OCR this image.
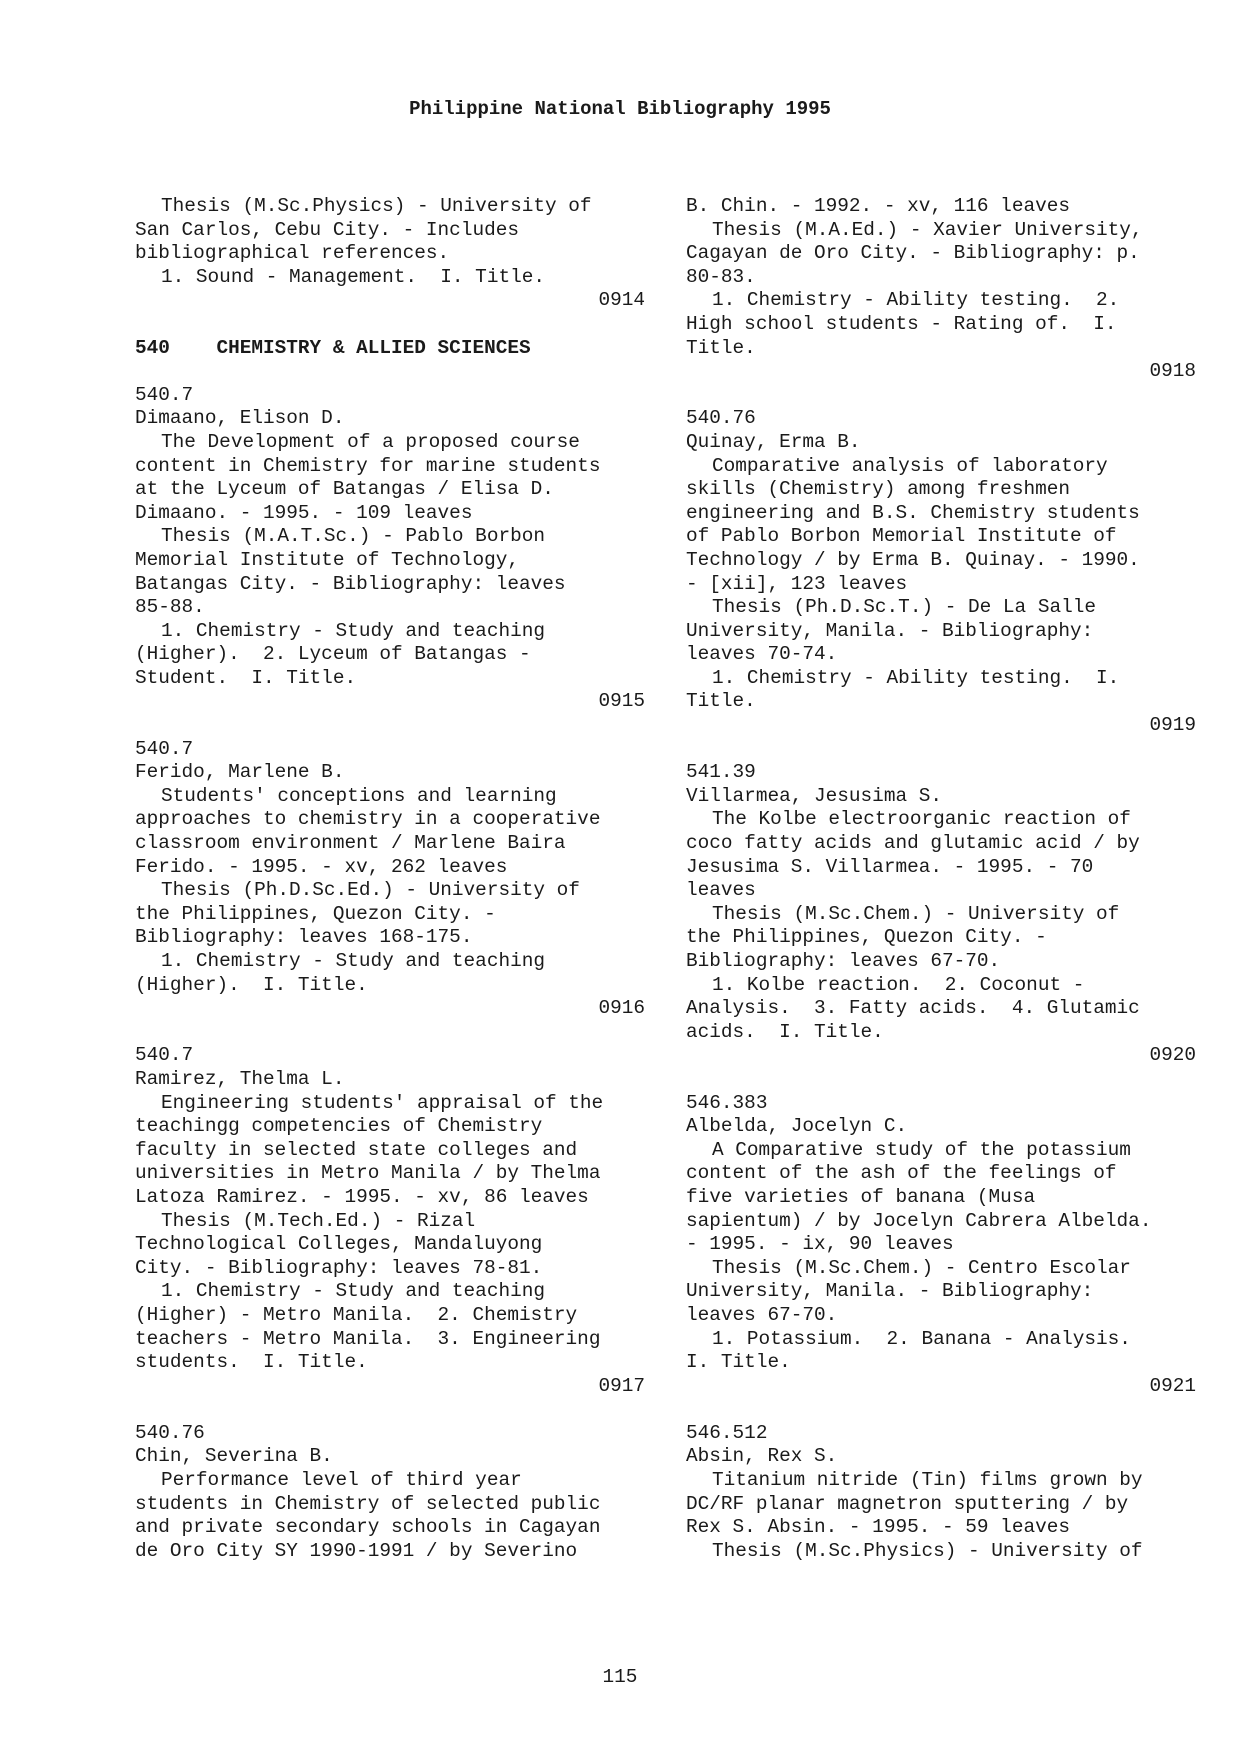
Philippine National Bibliography 1995
Thesis (M.Sc.Physics) - University of
San Carlos, Cebu City. - Includes
bibliographical references.
1. Sound - Management.  I. Title.
0914
540    CHEMISTRY & ALLIED SCIENCES
540.7
Dimaano, Elison D.
The Development of a proposed course
content in Chemistry for marine students
at the Lyceum of Batangas / Elisa D.
Dimaano. - 1995. - 109 leaves
Thesis (M.A.T.Sc.) - Pablo Borbon
Memorial Institute of Technology,
Batangas City. - Bibliography: leaves
85-88.
1. Chemistry - Study and teaching
(Higher).  2. Lyceum of Batangas -
Student.  I. Title.
0915
540.7
Ferido, Marlene B.
Students' conceptions and learning
approaches to chemistry in a cooperative
classroom environment / Marlene Baira
Ferido. - 1995. - xv, 262 leaves
Thesis (Ph.D.Sc.Ed.) - University of
the Philippines, Quezon City. -
Bibliography: leaves 168-175.
1. Chemistry - Study and teaching
(Higher).  I. Title.
0916
540.7
Ramirez, Thelma L.
Engineering students' appraisal of the
teachingg competencies of Chemistry
faculty in selected state colleges and
universities in Metro Manila / by Thelma
Latoza Ramirez. - 1995. - xv, 86 leaves
Thesis (M.Tech.Ed.) - Rizal
Technological Colleges, Mandaluyong
City. - Bibliography: leaves 78-81.
1. Chemistry - Study and teaching
(Higher) - Metro Manila.  2. Chemistry
teachers - Metro Manila.  3. Engineering
students.  I. Title.
0917
540.76
Chin, Severina B.
Performance level of third year
students in Chemistry of selected public
and private secondary schools in Cagayan
de Oro City SY 1990-1991 / by Severino
B. Chin. - 1992. - xv, 116 leaves
Thesis (M.A.Ed.) - Xavier University,
Cagayan de Oro City. - Bibliography: p.
80-83.
1. Chemistry - Ability testing.  2.
High school students - Rating of.  I.
Title.
0918
540.76
Quinay, Erma B.
Comparative analysis of laboratory
skills (Chemistry) among freshmen
engineering and B.S. Chemistry students
of Pablo Borbon Memorial Institute of
Technology / by Erma B. Quinay. - 1990.
- [xii], 123 leaves
Thesis (Ph.D.Sc.T.) - De La Salle
University, Manila. - Bibliography:
leaves 70-74.
1. Chemistry - Ability testing.  I.
Title.
0919
541.39
Villarmea, Jesusima S.
The Kolbe electroorganic reaction of
coco fatty acids and glutamic acid / by
Jesusima S. Villarmea. - 1995. - 70
leaves
Thesis (M.Sc.Chem.) - University of
the Philippines, Quezon City. -
Bibliography: leaves 67-70.
1. Kolbe reaction.  2. Coconut -
Analysis.  3. Fatty acids.  4. Glutamic
acids.  I. Title.
0920
546.383
Albelda, Jocelyn C.
A Comparative study of the potassium
content of the ash of the feelings of
five varieties of banana (Musa
sapientum) / by Jocelyn Cabrera Albelda.
- 1995. - ix, 90 leaves
Thesis (M.Sc.Chem.) - Centro Escolar
University, Manila. - Bibliography:
leaves 67-70.
1. Potassium.  2. Banana - Analysis.
I. Title.
0921
546.512
Absin, Rex S.
Titanium nitride (Tin) films grown by
DC/RF planar magnetron sputtering / by
Rex S. Absin. - 1995. - 59 leaves
Thesis (M.Sc.Physics) - University of
115
